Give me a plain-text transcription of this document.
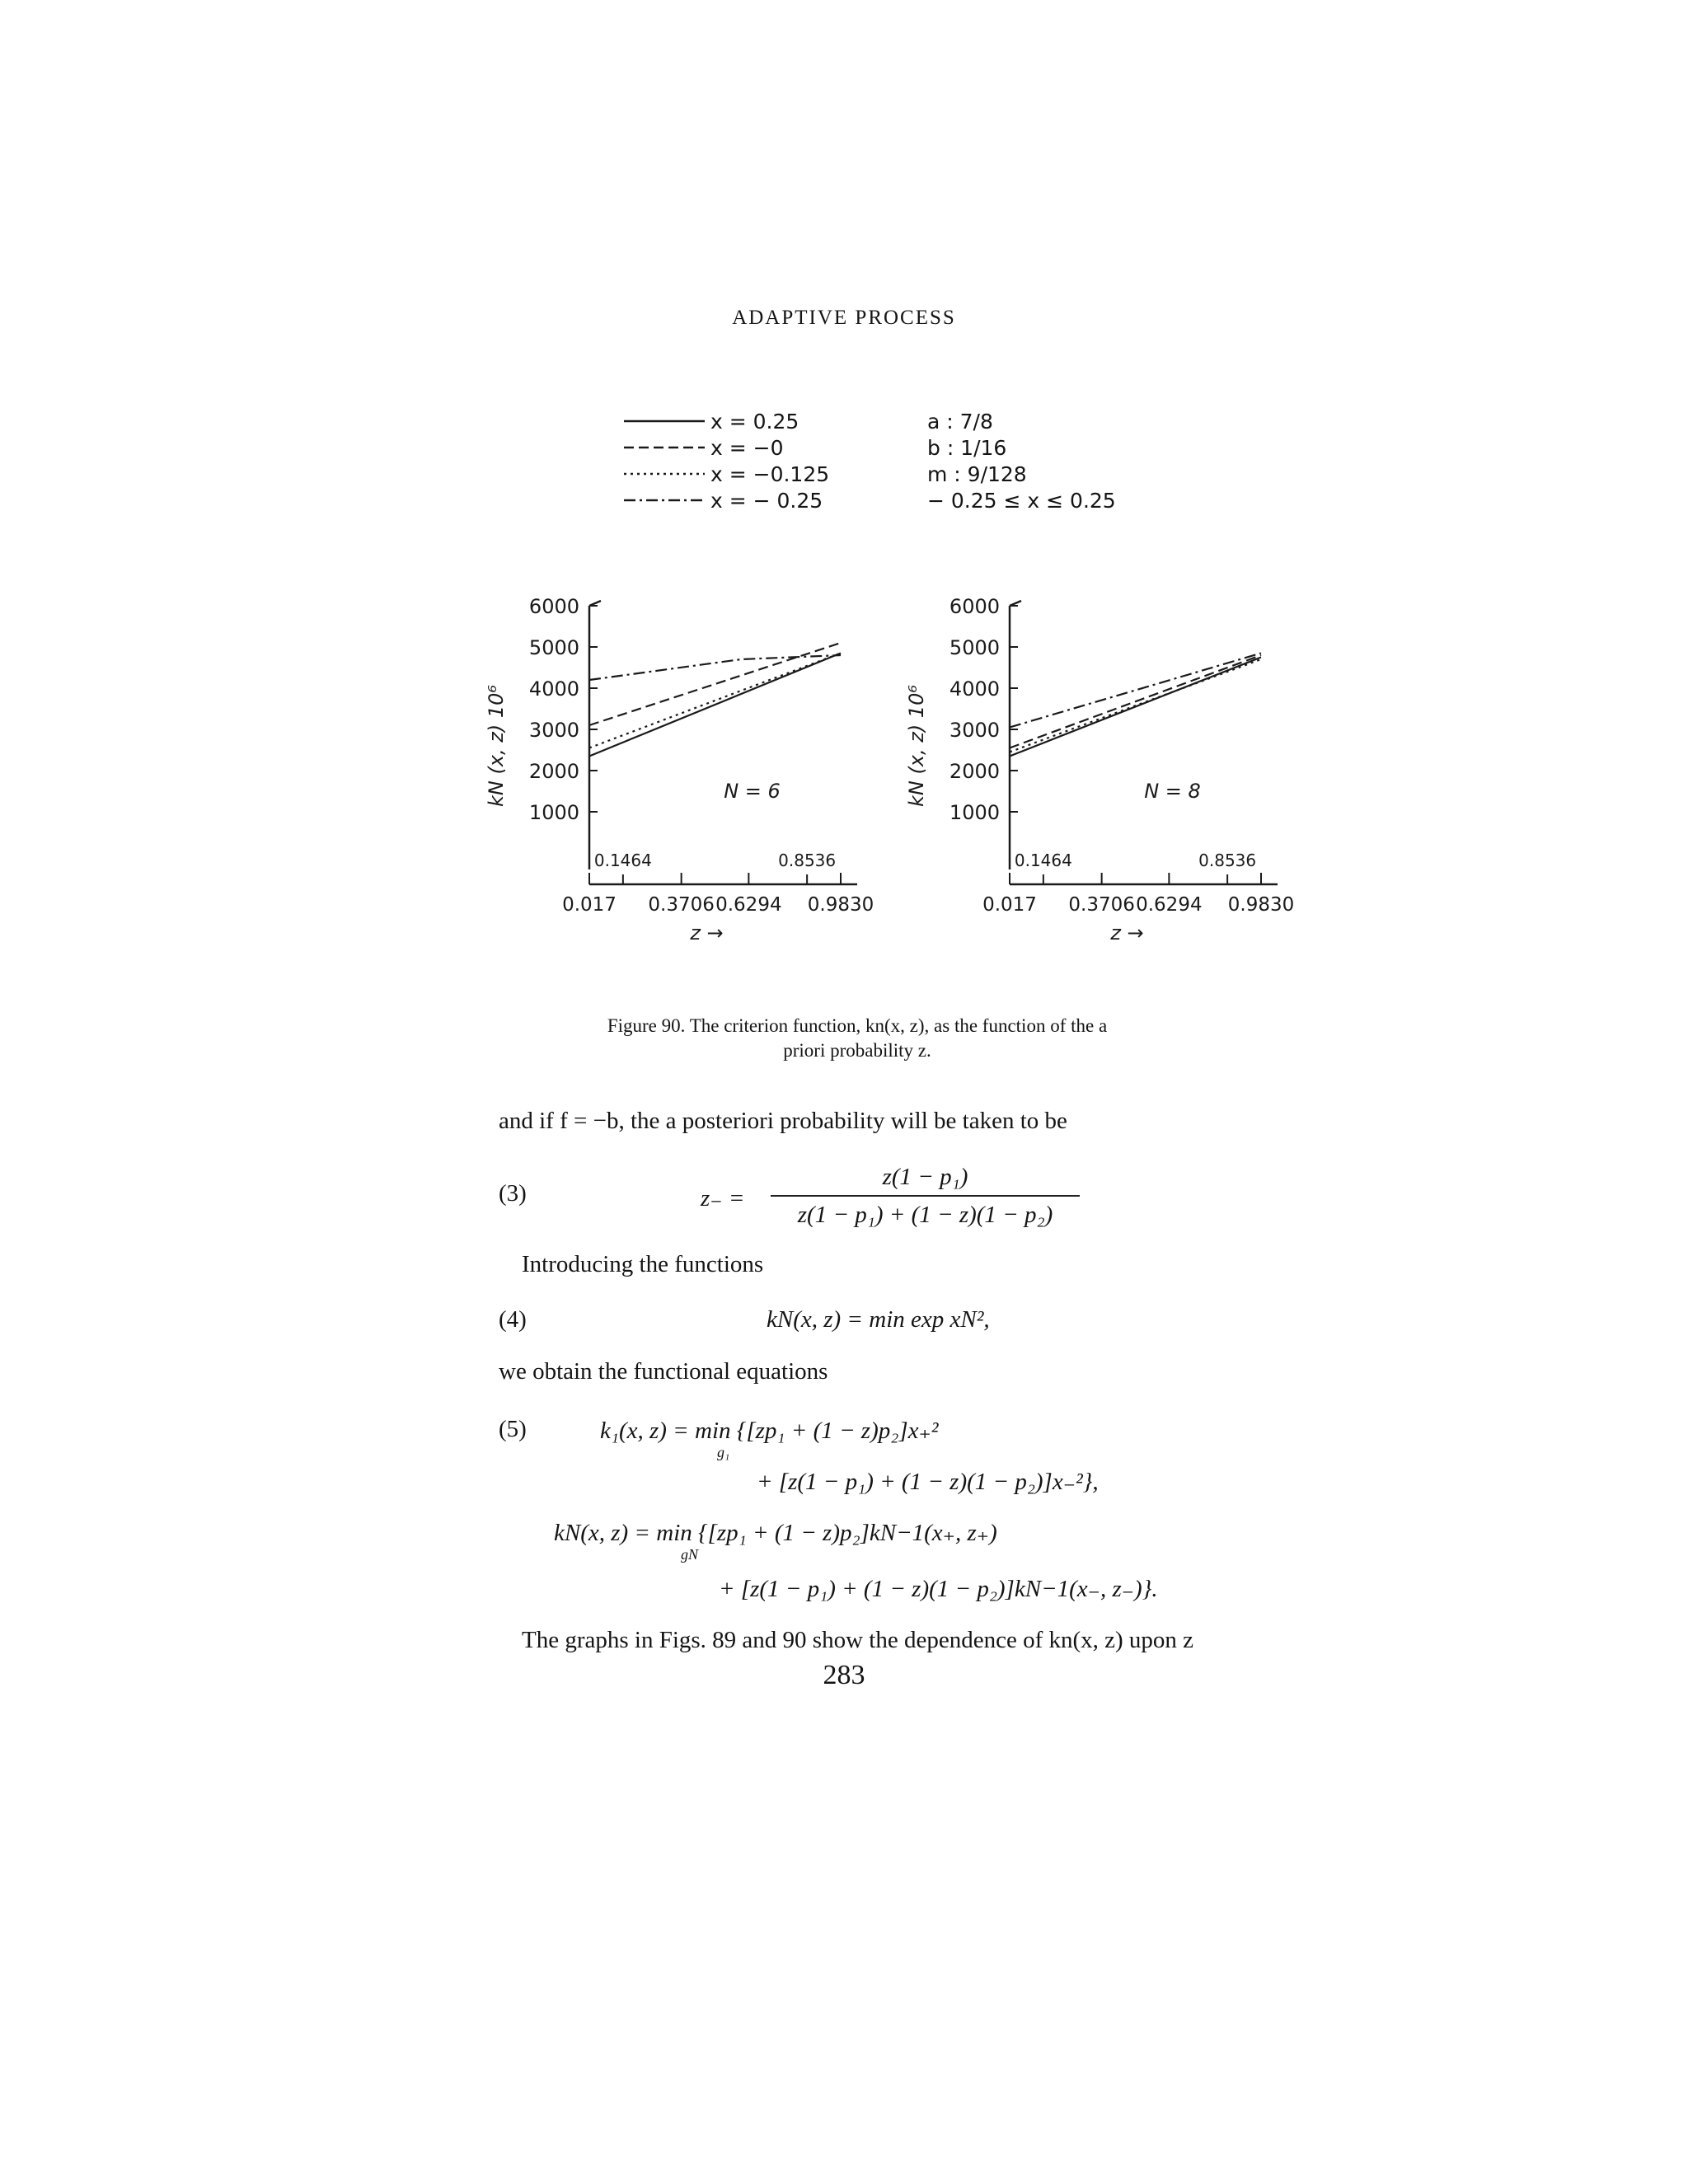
ADAPTIVE PROCESS
x = 0.25
x = −0
x = −0.125
x = − 0.25
a : 7/8
b : 1/16
m : 9/128
− 0.25 ≤ x ≤ 0.25
1000
2000
3000
4000
5000
6000
kN (x, z) 10⁶
0.017 0.3706 0.6294 0.9830
0.1464	0.8536
z →
N = 6
1000
2000
3000
4000
5000
6000
kN (x, z) 10⁶
0.017 0.3706 0.6294 0.9830
0.1464	0.8536
z →
N = 8
Figure 90. The criterion function, kn(x, z), as the function of the a
priori probability z.
and if f = −b, the a posteriori probability will be taken to be
(3)	z₋ =
z(1 − p₁)
z(1 − p₁) + (1 − z)(1 − p₂)
Introducing the functions
(4)	kN(x, z) = min exp xN²,
we obtain the functional equations
(5)	k₁(x, z) = min {[zp₁ + (1 − z)p₂]x₊²
g₁
+ [z(1 − p₁) + (1 − z)(1 − p₂)]x₋²},
kN(x, z) = min {[zp₁ + (1 − z)p₂]kN−1(x₊, z₊)
gN
+ [z(1 − p₁) + (1 − z)(1 − p₂)]kN−1(x₋, z₋)}.
The graphs in Figs. 89 and 90 show the dependence of kn(x, z) upon z
283
